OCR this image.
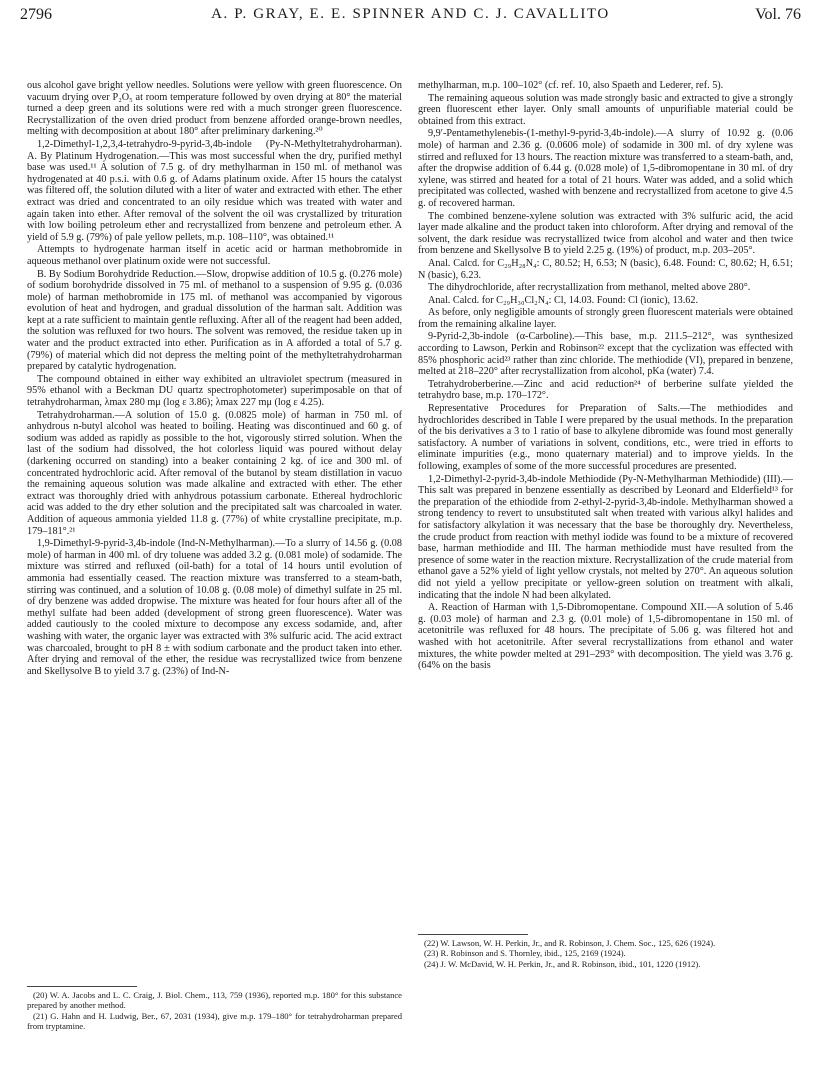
2796	A. P. GRAY, E. E. SPINNER AND C. J. CAVALLITO	Vol. 76

ous alcohol gave bright yellow needles. Solutions were yellow with green fluorescence. On vacuum drying over P₂O₅ at room temperature followed by oven drying at 80° the material turned a deep green and its solutions were red with a much stronger green fluorescence. Recrystallization of the oven dried product from benzene afforded orange-brown needles, melting with decomposition at about 180° after preliminary darkening.²⁰

1,2-Dimethyl-1,2,3,4-tetrahydro-9-pyrid-3,4b-indole (Py-N-Methyltetrahydroharman). A. By Platinum Hydrogenation.—This was most successful when the dry, purified methyl base was used.¹¹ A solution of 7.5 g. of dry methylharman in 150 ml. of methanol was hydrogenated at 40 p.s.i. with 0.6 g. of Adams platinum oxide. After 15 hours the catalyst was filtered off, the solution diluted with a liter of water and extracted with ether. The ether extract was dried and concentrated to an oily residue which was treated with water and again taken into ether. After removal of the solvent the oil was crystallized by trituration with low boiling petroleum ether and recrystallized from benzene and petroleum ether. A yield of 5.9 g. (79%) of pale yellow pellets, m.p. 108–110°, was obtained.¹¹

Attempts to hydrogenate harman itself in acetic acid or harman methobromide in aqueous methanol over platinum oxide were not successful.

B. By Sodium Borohydride Reduction.—Slow, dropwise addition of 10.5 g. (0.276 mole) of sodium borohydride dissolved in 75 ml. of methanol to a suspension of 9.95 g. (0.036 mole) of harman methobromide in 175 ml. of methanol was accompanied by vigorous evolution of heat and hydrogen, and gradual dissolution of the harman salt. Addition was kept at a rate sufficient to maintain gentle refluxing. After all of the reagent had been added, the solution was refluxed for two hours. The solvent was removed, the residue taken up in water and the product extracted into ether. Purification as in A afforded a total of 5.7 g. (79%) of material which did not depress the melting point of the methyltetrahydroharman prepared by catalytic hydrogenation.

The compound obtained in either way exhibited an ultraviolet spectrum (measured in 95% ethanol with a Beckman DU quartz spectrophotometer) superimposable on that of tetrahydroharman, λmax 280 mμ (log ε 3.86); λmax 227 mμ (log ε 4.25).

Tetrahydroharman.—A solution of 15.0 g. (0.0825 mole) of harman in 750 ml. of anhydrous n-butyl alcohol was heated to boiling. Heating was discontinued and 60 g. of sodium was added as rapidly as possible to the hot, vigorously stirred solution. When the last of the sodium had dissolved, the hot colorless liquid was poured without delay (darkening occurred on standing) into a beaker containing 2 kg. of ice and 300 ml. of concentrated hydrochloric acid. After removal of the butanol by steam distillation in vacuo the remaining aqueous solution was made alkaline and extracted with ether. The ether extract was thoroughly dried with anhydrous potassium carbonate. Ethereal hydrochloric acid was added to the dry ether solution and the precipitated salt was charcoaled in water. Addition of aqueous ammonia yielded 11.8 g. (77%) of white crystalline precipitate, m.p. 179–181°.²¹

1,9-Dimethyl-9-pyrid-3,4b-indole (Ind-N-Methylharman).—To a slurry of 14.56 g. (0.08 mole) of harman in 400 ml. of dry toluene was added 3.2 g. (0.081 mole) of sodamide. The mixture was stirred and refluxed (oil-bath) for a total of 14 hours until evolution of ammonia had essentially ceased. The reaction mixture was transferred to a steam-bath, stirring was continued, and a solution of 10.08 g. (0.08 mole) of dimethyl sulfate in 25 ml. of dry benzene was added dropwise. The mixture was heated for four hours after all of the methyl sulfate had been added (development of strong green fluorescence). Water was added cautiously to the cooled mixture to decompose any excess sodamide, and, after washing with water, the organic layer was extracted with 3% sulfuric acid. The acid extract was charcoaled, brought to pH 8 ± with sodium carbonate and the product taken into ether. After drying and removal of the ether, the residue was recrystallized twice from benzene and Skellysolve B to yield 3.7 g. (23%) of Ind-N-

(20) W. A. Jacobs and L. C. Craig, J. Biol. Chem., 113, 759 (1936), reported m.p. 180° for this substance prepared by another method.

(21) G. Hahn and H. Ludwig, Ber., 67, 2031 (1934), give m.p. 179–180° for tetrahydroharman prepared from tryptamine.

methylharman, m.p. 100–102° (cf. ref. 10, also Spaeth and Lederer, ref. 5).

The remaining aqueous solution was made strongly basic and extracted to give a strongly green fluorescent ether layer. Only small amounts of unpurifiable material could be obtained from this extract.

9,9′-Pentamethylenebis-(1-methyl-9-pyrid-3,4b-indole).—A slurry of 10.92 g. (0.06 mole) of harman and 2.36 g. (0.0606 mole) of sodamide in 300 ml. of dry xylene was stirred and refluxed for 13 hours. The reaction mixture was transferred to a steam-bath, and, after the dropwise addition of 6.44 g. (0.028 mole) of 1,5-dibromopentane in 30 ml. of dry xylene, was stirred and heated for a total of 21 hours. Water was added, and a solid which precipitated was collected, washed with benzene and recrystallized from acetone to give 4.5 g. of recovered harman.

The combined benzene-xylene solution was extracted with 3% sulfuric acid, the acid layer made alkaline and the product taken into chloroform. After drying and removal of the solvent, the dark residue was recrystallized twice from alcohol and water and then twice from benzene and Skellysolve B to yield 2.25 g. (19%) of product, m.p. 203–205°.

Anal. Calcd. for C₂₉H₂₈N₄: C, 80.52; H, 6.53; N (basic), 6.48. Found: C, 80.62; H, 6.51; N (basic), 6.23.

The dihydrochloride, after recrystallization from methanol, melted above 280°.

Anal. Calcd. for C₂₉H₃₀Cl₂N₄: Cl, 14.03. Found: Cl (ionic), 13.62.

As before, only negligible amounts of strongly green fluorescent materials were obtained from the remaining alkaline layer.

9-Pyrid-2,3b-indole (α-Carboline).—This base, m.p. 211.5–212°, was synthesized according to Lawson, Perkin and Robinson²² except that the cyclization was effected with 85% phosphoric acid²³ rather than zinc chloride. The methiodide (VI), prepared in benzene, melted at 218–220° after recrystallization from alcohol, pKa (water) 7.4.

Tetrahydroberberine.—Zinc and acid reduction²⁴ of berberine sulfate yielded the tetrahydro base, m.p. 170–172°.

Representative Procedures for Preparation of Salts.—The methiodides and hydrochlorides described in Table I were prepared by the usual methods. In the preparation of the bis derivatives a 3 to 1 ratio of base to alkylene dibromide was found most generally satisfactory. A number of variations in solvent, conditions, etc., were tried in efforts to eliminate impurities (e.g., mono quaternary material) and to improve yields. In the following, examples of some of the more successful procedures are presented.

1,2-Dimethyl-2-pyrid-3,4b-indole Methiodide (Py-N-Methylharman Methiodide) (III).—This salt was prepared in benzene essentially as described by Leonard and Elderfield¹³ for the preparation of the ethiodide from 2-ethyl-2-pyrid-3,4b-indole. Methylharman showed a strong tendency to revert to unsubstituted salt when treated with various alkyl halides and for satisfactory alkylation it was necessary that the base be thoroughly dry. Nevertheless, the crude product from reaction with methyl iodide was found to be a mixture of recovered base, harman methiodide and III. The harman methiodide must have resulted from the presence of some water in the reaction mixture. Recrystallization of the crude material from ethanol gave a 52% yield of light yellow crystals, not melted by 270°. An aqueous solution did not yield a yellow precipitate or yellow-green solution on treatment with alkali, indicating that the indole N had been alkylated.

A. Reaction of Harman with 1,5-Dibromopentane. Compound XII.—A solution of 5.46 g. (0.03 mole) of harman and 2.3 g. (0.01 mole) of 1,5-dibromopentane in 150 ml. of acetonitrile was refluxed for 48 hours. The precipitate of 5.06 g. was filtered hot and washed with hot acetonitrile. After several recrystallizations from ethanol and water mixtures, the white powder melted at 291–293° with decomposition. The yield was 3.76 g. (64% on the basis

(22) W. Lawson, W. H. Perkin, Jr., and R. Robinson, J. Chem. Soc., 125, 626 (1924).

(23) R. Robinson and S. Thornley, ibid., 125, 2169 (1924).

(24) J. W. McDavid, W. H. Perkin, Jr., and R. Robinson, ibid., 101, 1220 (1912).
